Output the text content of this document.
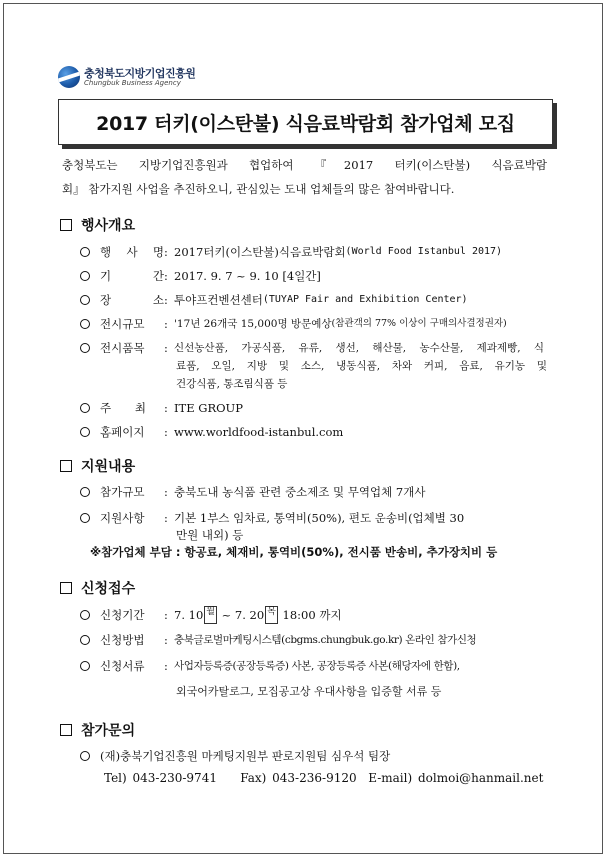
충청북도지방기업진흥원
Chungbuk Business Agency
2017 터키(이스탄불) 식음료박람회 참가업체 모집
충청북도는 지방기업진흥원과 협업하여 『2017 터키(이스탄불) 식음료박람
회』 참가지원 사업을 추진하오니, 관심있는 도내 업체들의 많은 참여바랍니다.
행사개요
행 사 명 : 2017터키(이스탄불)식음료박람회 (World Food Istanbul 2017)
기 간 : 2017. 9. 7 ~ 9. 10 [4일간]
장 소 : 투야프컨벤션센터 (TUYAP Fair and Exhibition Center)
전시규모	: '17년 26개국 15,000명 방문예상 (참관객의 77% 이상이 구매의사결정권자)
전시품목	: 신선농산품, 가공식품, 유류, 생선, 해산물, 농수산물, 제과제빵, 식
료품, 오일, 지방 및 소스, 냉동식품, 차와 커피, 음료, 유기농 및
건강식품, 통조림식품 등
주 최 : ITE GROUP
홈페이지	: www.worldfood-istanbul.com
지원내용
참가규모	: 충북도내 농식품 관련 중소제조 및 무역업체 7개사
지원사항	: 기본 1부스 임차료, 통역비(50%), 편도 운송비(업체별 30
만원 내외) 등
※참가업체 부담 : 항공료, 체재비, 통역비(50%), 전시품 반송비, 추가장치비 등
신청접수
신청기간	: 7. 10 월 ~ 7. 20 목 18:00 까지
신청방법	: 충북글로벌마케팅시스템(cbgms.chungbuk.go.kr) 온라인 참가신청
신청서류	: 사업자등록증(공장등록증) 사본, 공장등록증 사본(해당자에 한함),
외국어카탈로그, 모집공고상 우대사항을 입증할 서류 등
참가문의
(재)충북기업진흥원 마케팅지원부 판로지원팀 심우석 팀장
Tel) 043-230-9741    Fax) 043-236-9120  E-mail) dolmoi@hanmail.net
